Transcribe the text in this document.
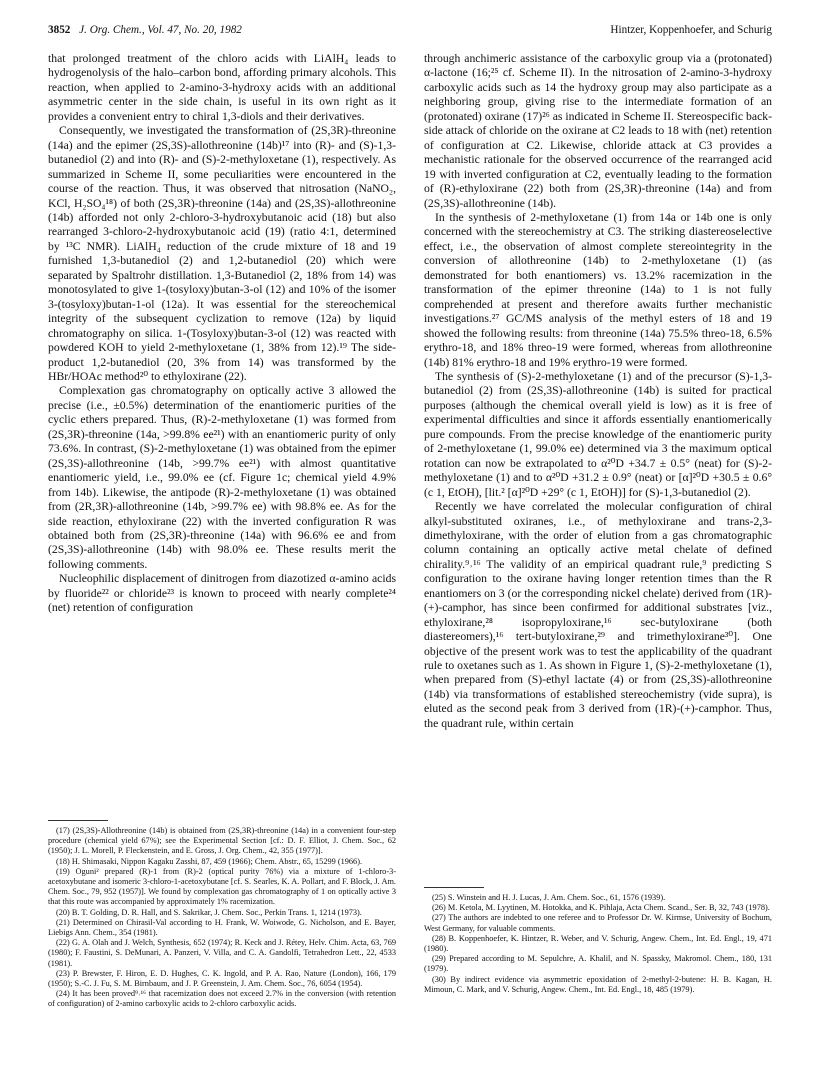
3852 J. Org. Chem., Vol. 47, No. 20, 1982	Hintzer, Koppenhoefer, and Schurig

that prolonged treatment of the chloro acids with LiAlH₄ leads to hydrogenolysis of the halo–carbon bond, affording primary alcohols. This reaction, when applied to 2-amino-3-hydroxy acids with an additional asymmetric center in the side chain, is useful in its own right as it provides a convenient entry to chiral 1,3-diols and their derivatives.

Consequently, we investigated the transformation of (2S,3R)-threonine (14a) and the epimer (2S,3S)-allothreonine (14b)¹⁷ into (R)- and (S)-1,3-butanediol (2) and into (R)- and (S)-2-methyloxetane (1), respectively. As summarized in Scheme II, some peculiarities were encountered in the course of the reaction. Thus, it was observed that nitrosation (NaNO₂, KCl, H₂SO₄¹⁸) of both (2S,3R)-threonine (14a) and (2S,3S)-allothreonine (14b) afforded not only 2-chloro-3-hydroxybutanoic acid (18) but also rearranged 3-chloro-2-hydroxybutanoic acid (19) (ratio 4:1, determined by ¹³C NMR). LiAlH₄ reduction of the crude mixture of 18 and 19 furnished 1,3-butanediol (2) and 1,2-butanediol (20) which were separated by Spaltrohr distillation. 1,3-Butanediol (2, 18% from 14) was monotosylated to give 1-(tosyloxy)butan-3-ol (12) and 10% of the isomer 3-(tosyloxy)butan-1-ol (12a). It was essential for the stereochemical integrity of the subsequent cyclization to remove (12a) by liquid chromatography on silica. 1-(Tosyloxy)butan-3-ol (12) was reacted with powdered KOH to yield 2-methyloxetane (1, 38% from 12).¹⁹ The side-product 1,2-butanediol (20, 3% from 14) was transformed by the HBr/HOAc method²⁰ to ethyloxirane (22).

Complexation gas chromatography on optically active 3 allowed the precise (i.e., ±0.5%) determination of the enantiomeric purities of the cyclic ethers prepared. Thus, (R)-2-methyloxetane (1) was formed from (2S,3R)-threonine (14a, >99.8% ee²¹) with an enantiomeric purity of only 73.6%. In contrast, (S)-2-methyloxetane (1) was obtained from the epimer (2S,3S)-allothreonine (14b, >99.7% ee²¹) with almost quantitative enantiomeric yield, i.e., 99.0% ee (cf. Figure 1c; chemical yield 4.9% from 14b). Likewise, the antipode (R)-2-methyloxetane (1) was obtained from (2R,3R)-allothreonine (14b, >99.7% ee) with 98.8% ee. As for the side reaction, ethyloxirane (22) with the inverted configuration R was obtained both from (2S,3R)-threonine (14a) with 96.6% ee and from (2S,3S)-allothreonine (14b) with 98.0% ee. These results merit the following comments.

Nucleophilic displacement of dinitrogen from diazotized α-amino acids by fluoride²² or chloride²³ is known to proceed with nearly complete²⁴ (net) retention of configuration

through anchimeric assistance of the carboxylic group via a (protonated) α-lactone (16;²⁵ cf. Scheme II). In the nitrosation of 2-amino-3-hydroxy carboxylic acids such as 14 the hydroxy group may also participate as a neighboring group, giving rise to the intermediate formation of an (protonated) oxirane (17)²⁶ as indicated in Scheme II. Stereospecific back-side attack of chloride on the oxirane at C2 leads to 18 with (net) retention of configuration at C2. Likewise, chloride attack at C3 provides a mechanistic rationale for the observed occurrence of the rearranged acid 19 with inverted configuration at C2, eventually leading to the formation of (R)-ethyloxirane (22) both from (2S,3R)-threonine (14a) and from (2S,3S)-allothreonine (14b).

In the synthesis of 2-methyloxetane (1) from 14a or 14b one is only concerned with the stereochemistry at C3. The striking diastereoselective effect, i.e., the observation of almost complete stereointegrity in the conversion of allothreonine (14b) to 2-methyloxetane (1) (as demonstrated for both enantiomers) vs. 13.2% racemization in the transformation of the epimer threonine (14a) to 1 is not fully comprehended at present and therefore awaits further mechanistic investigations.²⁷ GC/MS analysis of the methyl esters of 18 and 19 showed the following results: from threonine (14a) 75.5% threo-18, 6.5% erythro-18, and 18% threo-19 were formed, whereas from allothreonine (14b) 81% erythro-18 and 19% erythro-19 were formed.

The synthesis of (S)-2-methyloxetane (1) and of the precursor (S)-1,3-butanediol (2) from (2S,3S)-allothreonine (14b) is suited for practical purposes (although the chemical overall yield is low) as it is free of experimental difficulties and since it affords essentially enantiomerically pure compounds. From the precise knowledge of the enantiomeric purity of 2-methyloxetane (1, 99.0% ee) determined via 3 the maximum optical rotation can now be extrapolated to α²⁰D +34.7 ± 0.5° (neat) for (S)-2-methyloxetane (1) and to α²⁰D +31.2 ± 0.9° (neat) or [α]²⁰D +30.5 ± 0.6° (c 1, EtOH), [lit.² [α]²⁰D +29° (c 1, EtOH)] for (S)-1,3-butanediol (2).

Recently we have correlated the molecular configuration of chiral alkyl-substituted oxiranes, i.e., of methyloxirane and trans-2,3-dimethyloxirane, with the order of elution from a gas chromatographic column containing an optically active metal chelate of defined chirality.⁹˒¹⁶ The validity of an empirical quadrant rule,⁹ predicting S configuration to the oxirane having longer retention times than the R enantiomers on 3 (or the corresponding nickel chelate) derived from (1R)-(+)-camphor, has since been confirmed for additional substrates [viz., ethyloxirane,²⁸ isopropyloxirane,¹⁶ sec-butyloxirane (both diastereomers),¹⁶ tert-butyloxirane,²⁹ and trimethyloxirane³⁰]. One objective of the present work was to test the applicability of the quadrant rule to oxetanes such as 1. As shown in Figure 1, (S)-2-methyloxetane (1), when prepared from (S)-ethyl lactate (4) or from (2S,3S)-allothreonine (14b) via transformations of established stereochemistry (vide supra), is eluted as the second peak from 3 derived from (1R)-(+)-camphor. Thus, the quadrant rule, within certain

(17) (2S,3S)-Allothreonine (14b) is obtained from (2S,3R)-threonine (14a) in a convenient four-step procedure (chemical yield 67%); see the Experimental Section [cf.: D. F. Elliot, J. Chem. Soc., 62 (1950); J. L. Morell, P. Fleckenstein, and E. Gross, J. Org. Chem., 42, 355 (1977)].

(18) H. Shimasaki, Nippon Kagaku Zasshi, 87, 459 (1966); Chem. Abstr., 65, 15299 (1966).

(19) Oguni² prepared (R)-1 from (R)-2 (optical purity 76%) via a mixture of 1-chloro-3-acetoxybutane and isomeric 3-chloro-1-acetoxybutane [cf. S. Searles, K. A. Pollart, and F. Block, J. Am. Chem. Soc., 79, 952 (1957)]. We found by complexation gas chromatography of 1 on optically active 3 that this route was accompanied by approximately 1% racemization.

(20) B. T. Golding, D. R. Hall, and S. Sakrikar, J. Chem. Soc., Perkin Trans. 1, 1214 (1973).

(21) Determined on Chirasil-Val according to H. Frank, W. Woiwode, G. Nicholson, and E. Bayer, Liebigs Ann. Chem., 354 (1981).

(22) G. A. Olah and J. Welch, Synthesis, 652 (1974); R. Keck and J. Rétey, Helv. Chim. Acta, 63, 769 (1980); F. Faustini, S. DeMunari, A. Panzeri, V. Villa, and C. A. Gandolfi, Tetrahedron Lett., 22, 4533 (1981).

(23) P. Brewster, F. Hiron, E. D. Hughes, C. K. Ingold, and P. A. Rao, Nature (London), 166, 179 (1950); S.-C. J. Fu, S. M. Birnbaum, and J. P. Greenstein, J. Am. Chem. Soc., 76, 6054 (1954).

(24) It has been proved⁹˒¹⁶ that racemization does not exceed 2.7% in the conversion (with retention of configuration) of 2-amino carboxylic acids to 2-chloro carboxylic acids.

(25) S. Winstein and H. J. Lucas, J. Am. Chem. Soc., 61, 1576 (1939).

(26) M. Ketola, M. Lyytinen, M. Hotokka, and K. Pihlaja, Acta Chem. Scand., Ser. B, 32, 743 (1978).

(27) The authors are indebted to one referee and to Professor Dr. W. Kirmse, University of Bochum, West Germany, for valuable comments.

(28) B. Koppenhoefer, K. Hintzer, R. Weber, and V. Schurig, Angew. Chem., Int. Ed. Engl., 19, 471 (1980).

(29) Prepared according to M. Sepulchre, A. Khalil, and N. Spassky, Makromol. Chem., 180, 131 (1979).

(30) By indirect evidence via asymmetric epoxidation of 2-methyl-2-butene: H. B. Kagan, H. Mimoun, C. Mark, and V. Schurig, Angew. Chem., Int. Ed. Engl., 18, 485 (1979).
